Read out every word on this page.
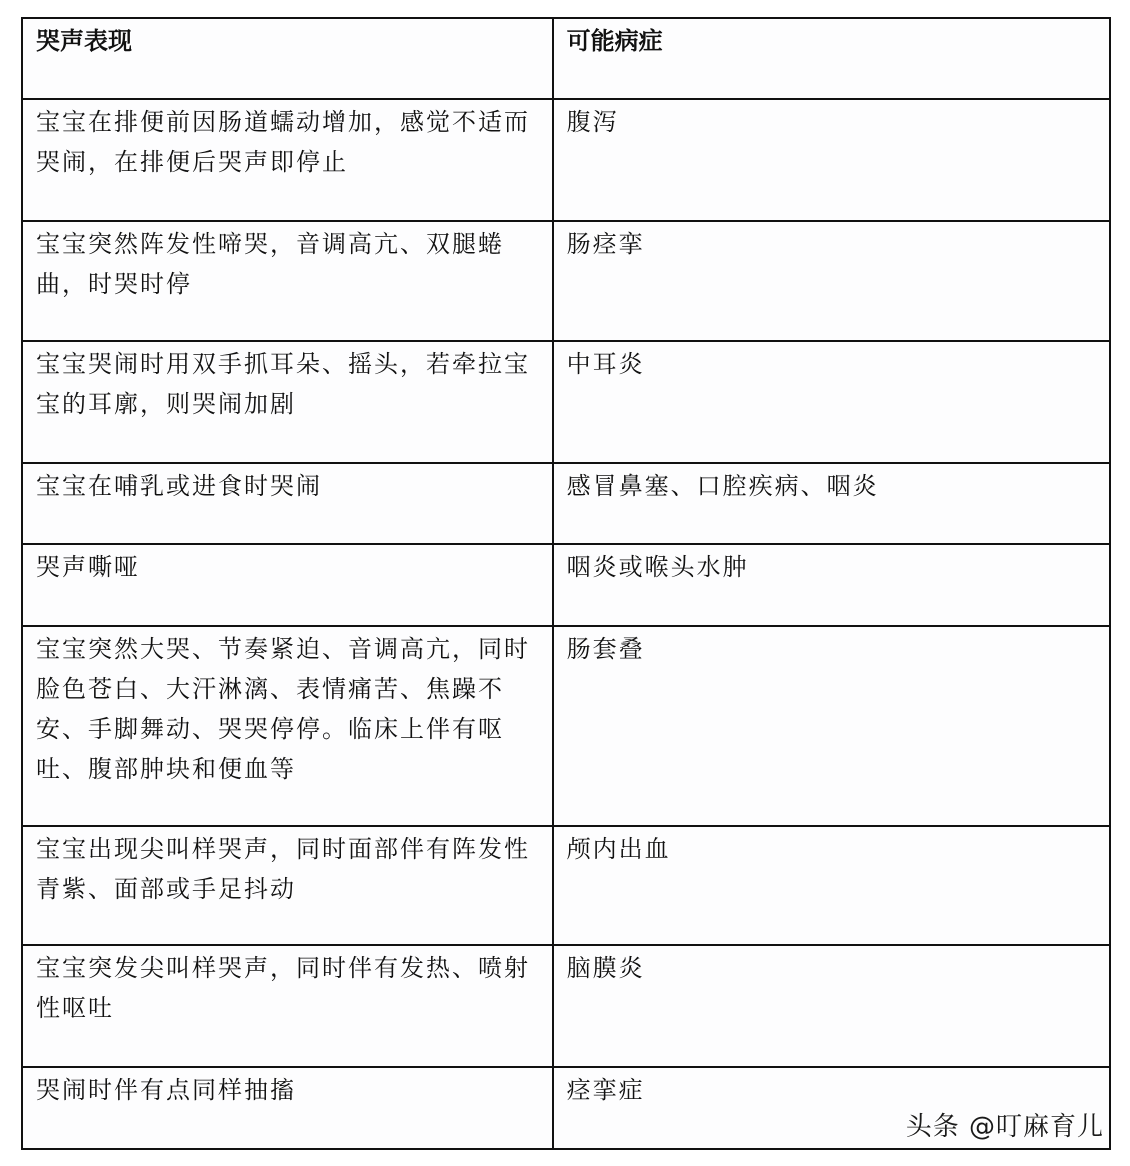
哭声表现	可能病症
宝宝在排便前因肠道蠕动增加，感觉不适而哭闹，在排便后哭声即停止	腹泻
宝宝突然阵发性啼哭，音调高亢、双腿蜷曲，时哭时停	肠痉挛
宝宝哭闹时用双手抓耳朵、摇头，若牵拉宝宝的耳廓，则哭闹加剧	中耳炎
宝宝在哺乳或进食时哭闹	感冒鼻塞、口腔疾病、咽炎
哭声嘶哑	咽炎或喉头水肿
宝宝突然大哭、节奏紧迫、音调高亢，同时脸色苍白、大汗淋漓、表情痛苦、焦躁不安、手脚舞动、哭哭停停。临床上伴有呕吐、腹部肿块和便血等	肠套叠
宝宝出现尖叫样哭声，同时面部伴有阵发性青紫、面部或手足抖动	颅内出血
宝宝突发尖叫样哭声，同时伴有发热、喷射性呕吐	脑膜炎
哭闹时伴有点同样抽搐	痉挛症
头条 @叮麻育儿
